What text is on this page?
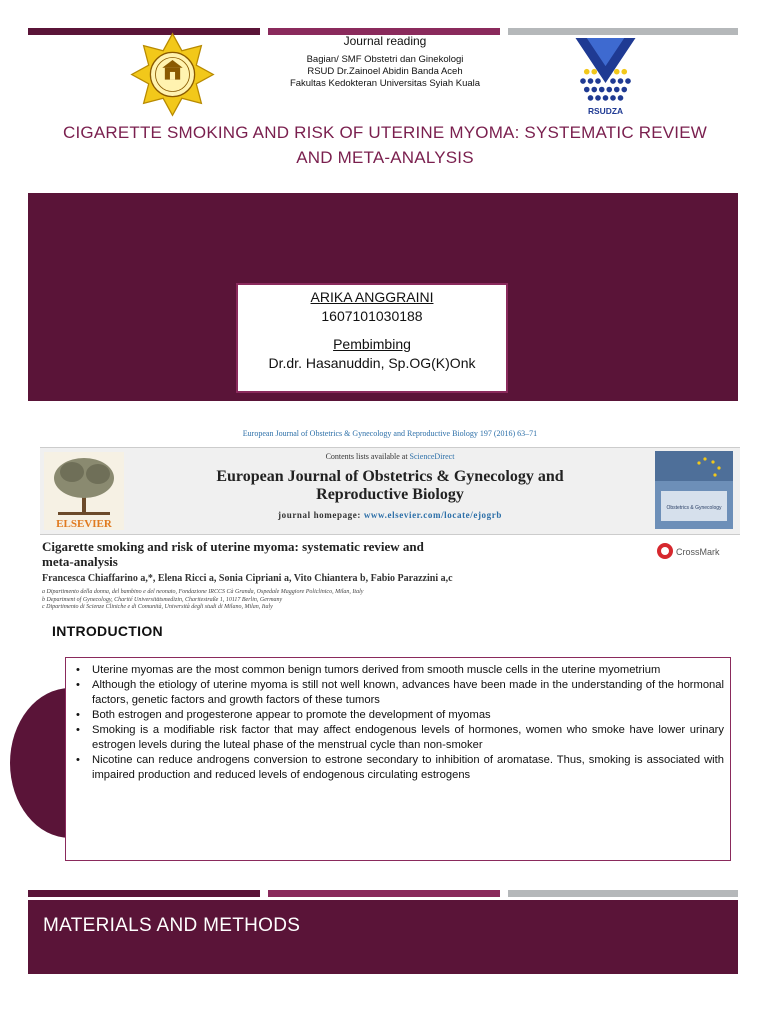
Journal reading
Bagian/ SMF Obstetri dan Ginekologi
RSUD Dr.Zainoel Abidin Banda Aceh
Fakultas Kedokteran Universitas Syiah Kuala
RSUDZA
CIGARETTE SMOKING AND RISK OF UTERINE MYOMA: SYSTEMATIC REVIEW
AND META-ANALYSIS
ARIKA ANGGRAINI
1607101030188
Pembimbing
Dr.dr. Hasanuddin, Sp.OG(K)Onk
European Journal of Obstetrics & Gynecology and Reproductive Biology 197 (2016) 63–71
ELSEVIER
Contents lists available at ScienceDirect
European Journal of Obstetrics & Gynecology and
Reproductive Biology
journal homepage: www.elsevier.com/locate/ejogrb
Obstetrics & Gynecology
Cigarette smoking and risk of uterine myoma: systematic review and
meta-analysis
CrossMark
Francesca Chiaffarino a,*, Elena Ricci a, Sonia Cipriani a, Vito Chiantera b, Fabio Parazzini a,c
a Dipartimento della donna, del bambino e del neonato, Fondazione IRCCS Cà Granda, Ospedale Maggiore Policlinico, Milan, Italy
b Department of Gynecology, Charité Universitätsmedizin, Charitestraße 1, 10117 Berlin, Germany
c Dipartimento di Scienze Cliniche e di Comunità, Università degli studi di Milano, Milan, Italy
INTRODUCTION
• Uterine myomas are the most common benign tumors derived from smooth muscle cells in the uterine myometrium
• Although the etiology of uterine myoma is still not well known, advances have been made in the understanding of the hormonal factors, genetic factors and growth factors of these tumors
• Both estrogen and progesterone appear to promote the development of myomas
• Smoking is a modifiable risk factor that may affect endogenous levels of hormones, women who smoke have lower urinary estrogen levels during the luteal phase of the menstrual cycle than non-smoker
• Nicotine can reduce androgens conversion to estrone secondary to inhibition of aromatase. Thus, smoking is associated with impaired production and reduced levels of endogenous circulating estrogens
MATERIALS AND METHODS
